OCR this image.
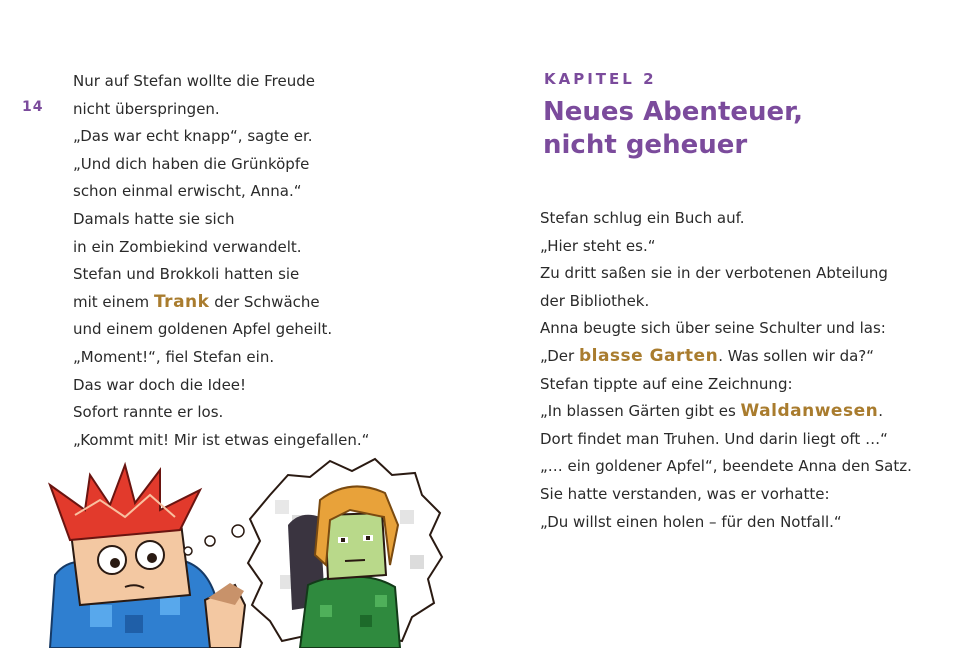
14
Nur auf Stefan wollte die Freude
nicht überspringen.
„Das war echt knapp“, sagte er.
„Und dich haben die Grünköpfe
schon einmal erwischt, Anna.“
Damals hatte sie sich
in ein Zombiekind verwandelt.
Stefan und Brokkoli hatten sie
mit einem Trank der Schwäche
und einem goldenen Apfel geheilt.
„Moment!“, fiel Stefan ein.
Das war doch die Idee!
Sofort rannte er los.
„Kommt mit! Mir ist etwas eingefallen.“
KAPITEL 2
Neues Abenteuer,
nicht geheuer
Stefan schlug ein Buch auf.
„Hier steht es.“
Zu dritt saßen sie in der verbotenen Abteilung
der Bibliothek.
Anna beugte sich über seine Schulter und las:
„Der blasse Garten. Was sollen wir da?“
Stefan tippte auf eine Zeichnung:
„In blassen Gärten gibt es Waldanwesen.
Dort findet man Truhen. Und darin liegt oft …“
„… ein goldener Apfel“, beendete Anna den Satz.
Sie hatte verstanden, was er vorhatte:
„Du willst einen holen – für den Notfall.“
